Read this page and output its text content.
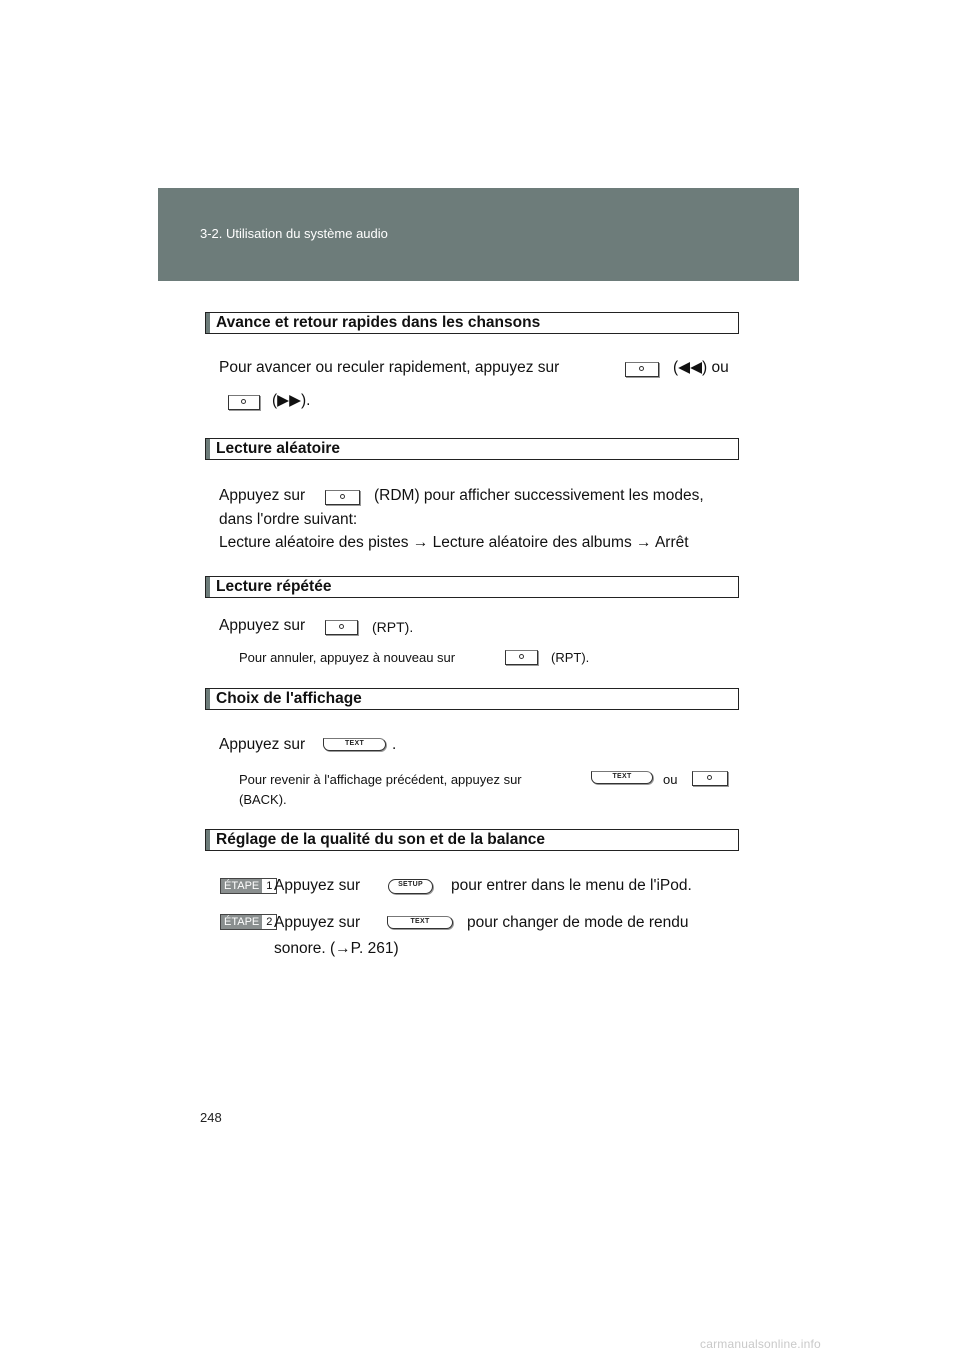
3-2. Utilisation du système audio
Avance et retour rapides dans les chansons
Pour avancer ou reculer rapidement, appuyez sur	(◀◀) ou
(▶▶).
Lecture aléatoire
Appuyez sur	(RDM) pour afficher successivement les modes,
dans l'ordre suivant:
Lecture aléatoire des pistes → Lecture aléatoire des albums → Arrêt
Lecture répétée
Appuyez sur	(RPT).
Pour annuler, appuyez à nouveau sur	(RPT).
Choix de l'affichage
Appuyez sur	TEXT	.
Pour revenir à l'affichage précédent, appuyez sur	TEXT	ou
(BACK).
Réglage de la qualité du son et de la balance
ÉTAPE 1 Appuyez sur	SETUP	pour entrer dans le menu de l'iPod.
ÉTAPE 2 Appuyez sur	TEXT	pour changer de mode de rendu
sonore. (→P. 261)
248
carmanualsonline.info
